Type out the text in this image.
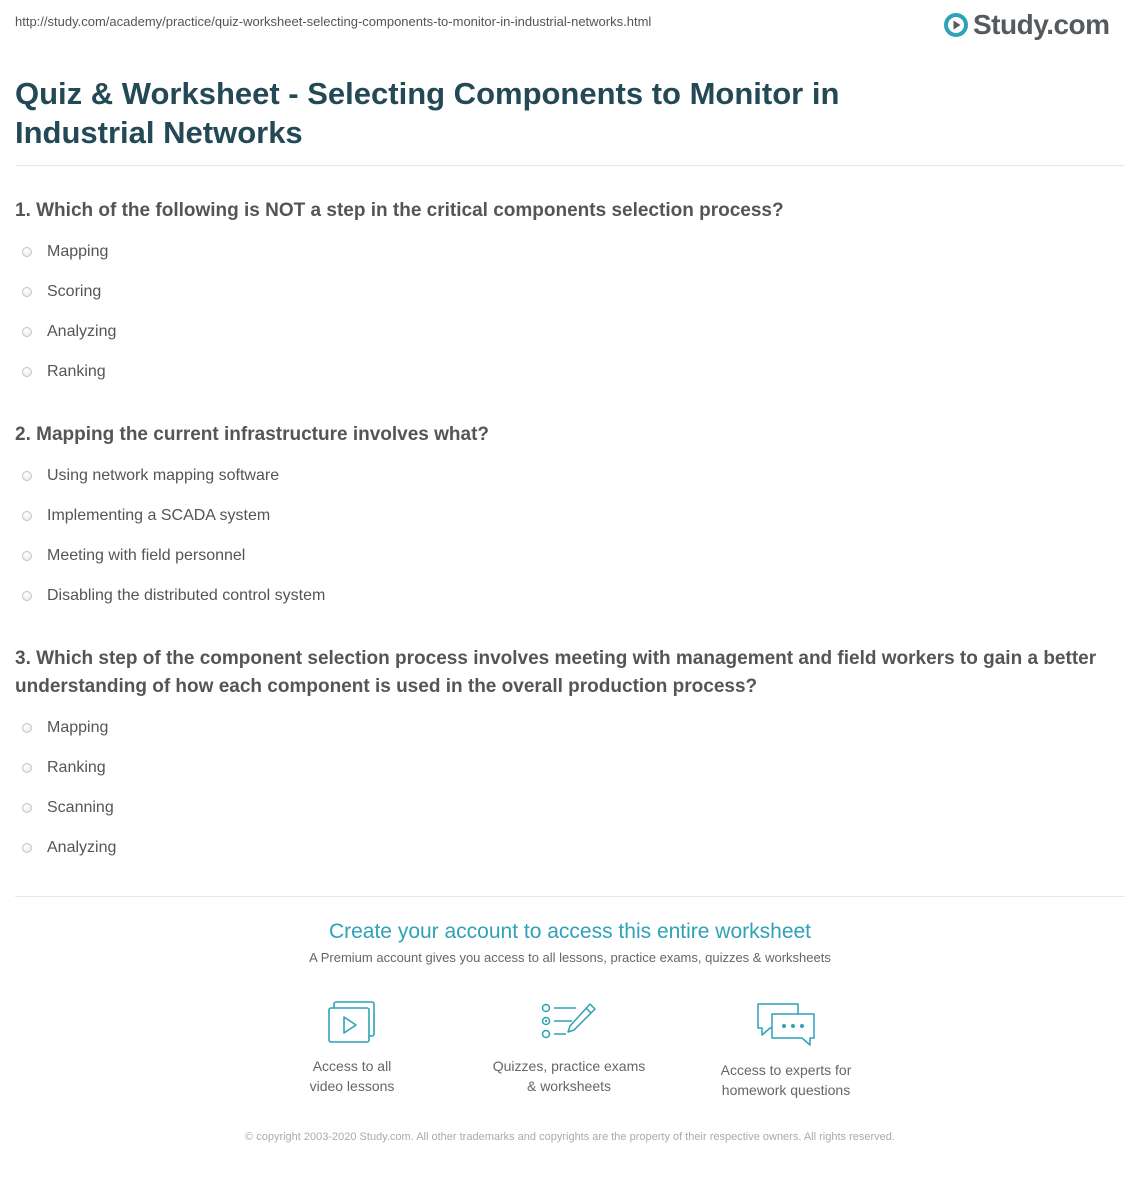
http://study.com/academy/practice/quiz-worksheet-selecting-components-to-monitor-in-industrial-networks.html	Study.com
Quiz & Worksheet - Selecting Components to Monitor in Industrial Networks

1. Which of the following is NOT a step in the critical components selection process?

Mapping
Scoring
Analyzing
Ranking

2. Mapping the current infrastructure involves what?

Using network mapping software
Implementing a SCADA system
Meeting with field personnel
Disabling the distributed control system

3. Which step of the component selection process involves meeting with management and field workers to gain a better understanding of how each component is used in the overall production process?

Mapping
Ranking
Scanning
Analyzing
Create your account to access this entire worksheet
A Premium account gives you access to all lessons, practice exams, quizzes & worksheets
Access to all
video lessons
Quizzes, practice exams
& worksheets
Access to experts for
homework questions
© copyright 2003-2020 Study.com. All other trademarks and copyrights are the property of their respective owners. All rights reserved.
